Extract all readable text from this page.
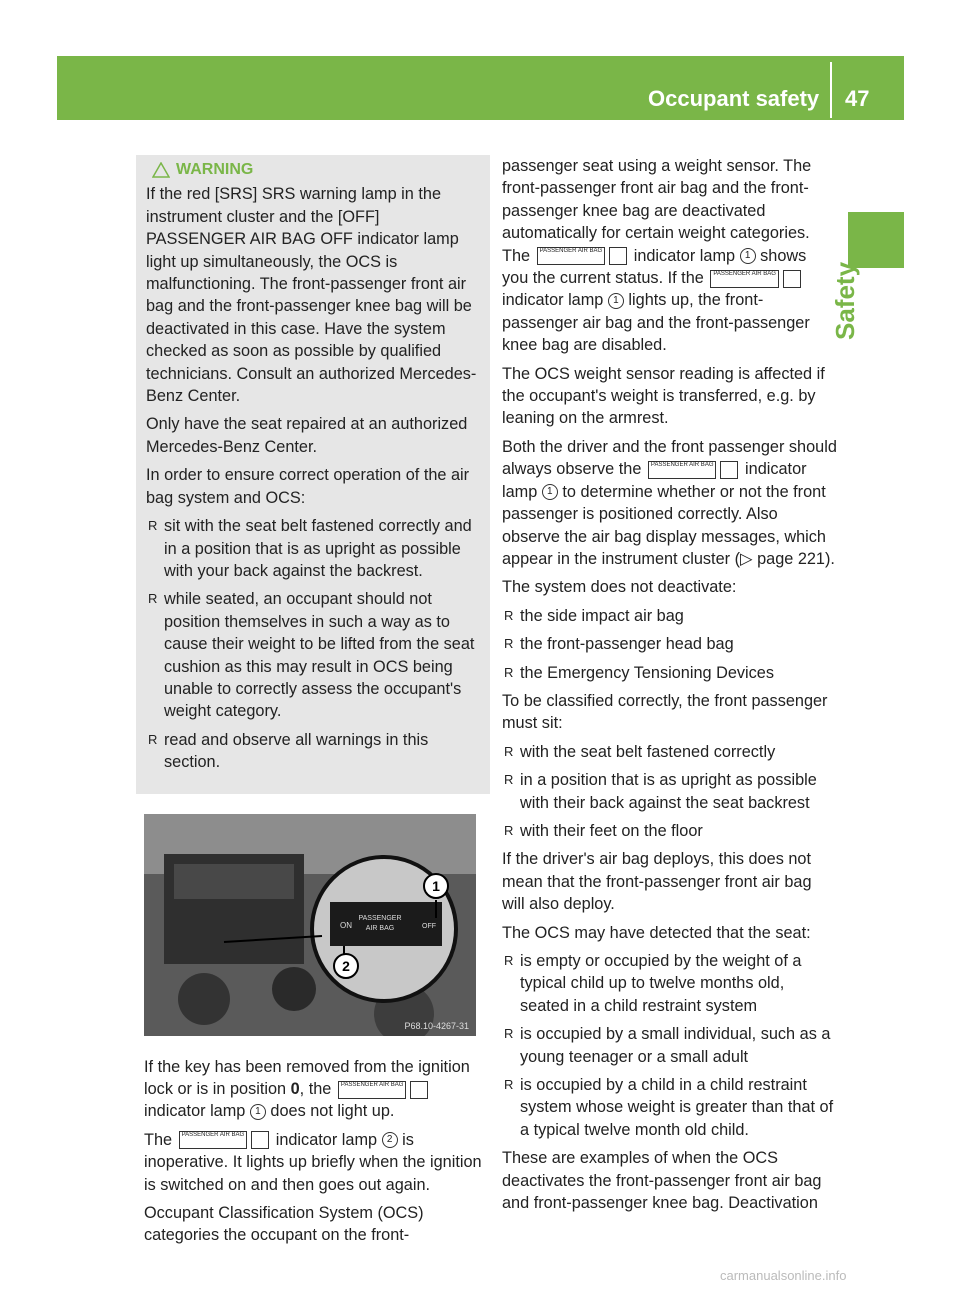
Occupant safety 47
Safety
WARNING

If the red [SRS] SRS warning lamp in the instrument cluster and the [OFF] PASSENGER AIR BAG OFF indicator lamp light up simultaneously, the OCS is malfunctioning. The front-passenger front air bag and the front-passenger knee bag will be deactivated in this case. Have the system checked as soon as possible by qualified technicians. Consult an authorized Mercedes-Benz Center.

Only have the seat repaired at an authorized Mercedes-Benz Center.

In order to ensure correct operation of the air bag system and OCS:

R sit with the seat belt fastened correctly and in a position that is as upright as possible with your back against the backrest.

R while seated, an occupant should not position themselves in such a way as to cause their weight to be lifted from the seat cushion as this may result in OCS being unable to correctly assess the occupant's weight category.

R read and observe all warnings in this section.

ON
PASSENGER
AIR BAG	OFF
1
2
P68.10-4267-31

If the key has been removed from the ignition lock or is in position 0, the PASSENGER AIR BAG indicator lamp 1 does not light up.

The PASSENGER AIR BAG indicator lamp 2 is inoperative. It lights up briefly when the ignition is switched on and then goes out again.

Occupant Classification System (OCS) categories the occupant on the front-

passenger seat using a weight sensor. The front-passenger front air bag and the front-passenger knee bag are deactivated automatically for certain weight categories. The PASSENGER AIR BAG indicator lamp 1 shows you the current status. If the PASSENGER AIR BAG indicator lamp 1 lights up, the front-passenger air bag and the front-passenger knee bag are disabled.

The OCS weight sensor reading is affected if the occupant's weight is transferred, e.g. by leaning on the armrest.

Both the driver and the front passenger should always observe the PASSENGER AIR BAG indicator lamp 1 to determine whether or not the front passenger is positioned correctly. Also observe the air bag display messages, which appear in the instrument cluster (▷ page 221).

The system does not deactivate:

R the side impact air bag

R the front-passenger head bag

R the Emergency Tensioning Devices

To be classified correctly, the front passenger must sit:

R with the seat belt fastened correctly

R in a position that is as upright as possible with their back against the seat backrest

R with their feet on the floor

If the driver's air bag deploys, this does not mean that the front-passenger front air bag will also deploy.

The OCS may have detected that the seat:

R is empty or occupied by the weight of a typical child up to twelve months old, seated in a child restraint system

R is occupied by a small individual, such as a young teenager or a small adult

R is occupied by a child in a child restraint system whose weight is greater than that of a typical twelve month old child.

These are examples of when the OCS deactivates the front-passenger front air bag and front-passenger knee bag. Deactivation

carmanualsonline.info
